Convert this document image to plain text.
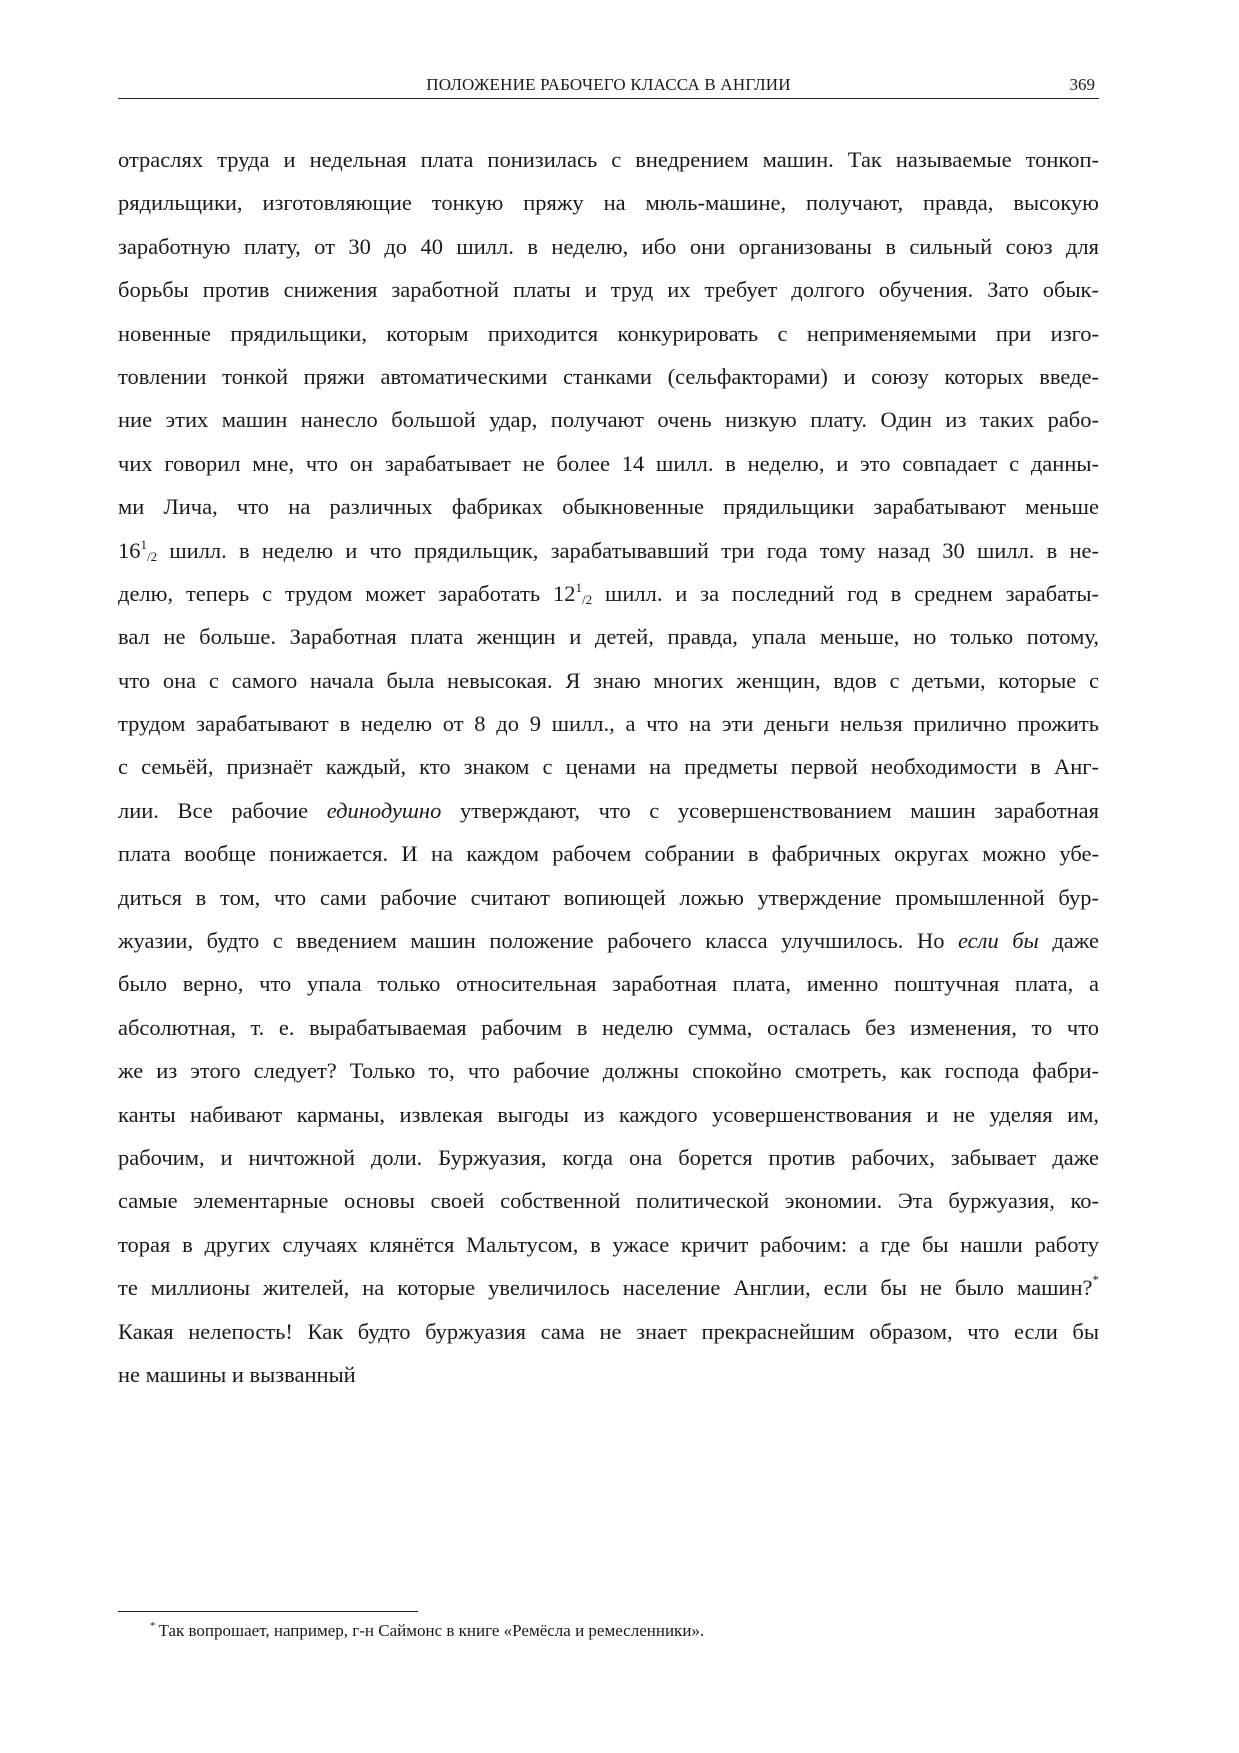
ПОЛОЖЕНИЕ РАБОЧЕГО КЛАССА В АНГЛИИ	369
отраслях труда и недельная плата понизилась с внедрением машин. Так называемые тонкоп-
рядильщики, изготовляющие тонкую пряжу на мюль-машине, получают, правда, высокую
заработную плату, от 30 до 40 шилл. в неделю, ибо они организованы в сильный союз для
борьбы против снижения заработной платы и труд их требует долгого обучения. Зато обык-
новенные прядильщики, которым приходится конкурировать с неприменяемыми при изго-
товлении тонкой пряжи автоматическими станками (сельфакторами) и союзу которых введе-
ние этих машин нанесло большой удар, получают очень низкую плату. Один из таких рабо-
чих говорил мне, что он зарабатывает не более 14 шилл. в неделю, и это совпадает с данны-
ми Лича, что на различных фабриках обыкновенные прядильщики зарабатывают меньше
$16^1/2$ шилл. в неделю и что прядильщик, зарабатывавший три года тому назад 30 шилл. в не-
делю, теперь с трудом может заработать $12^1/2$ шилл. и за последний год в среднем зарабаты-
вал не больше. Заработная плата женщин и детей, правда, упала меньше, но только потому,
что она с самого начала была невысокая. Я знаю многих женщин, вдов с детьми, которые с
трудом зарабатывают в неделю от 8 до 9 шилл., а что на эти деньги нельзя прилично прожить
с семьёй, признаёт каждый, кто знаком с ценами на предметы первой необходимости в Анг-
лии. Все рабочие единодушно утверждают, что с усовершенствованием машин заработная
плата вообще понижается. И на каждом рабочем собрании в фабричных округах можно убе-
диться в том, что сами рабочие считают вопиющей ложью утверждение промышленной бур-
жуазии, будто с введением машин положение рабочего класса улучшилось. Но если бы даже
было верно, что упала только относительная заработная плата, именно поштучная плата, а
абсолютная, т. е. вырабатываемая рабочим в неделю сумма, осталась без изменения, то что
же из этого следует? Только то, что рабочие должны спокойно смотреть, как господа фабри-
канты набивают карманы, извлекая выгоды из каждого усовершенствования и не уделяя им,
рабочим, и ничтожной доли. Буржуазия, когда она борется против рабочих, забывает даже
самые элементарные основы своей собственной политической экономии. Эта буржуазия, ко-
торая в других случаях клянётся Мальтусом, в ужасе кричит рабочим: а где бы нашли работу
те миллионы жителей, на которые увеличилось население Англии, если бы не было машин?*
Какая нелепость! Как будто буржуазия сама не знает прекраснейшим образом, что если бы
не машины и вызванный
* Так вопрошает, например, г-н Саймонс в книге «Ремёсла и ремесленники».
